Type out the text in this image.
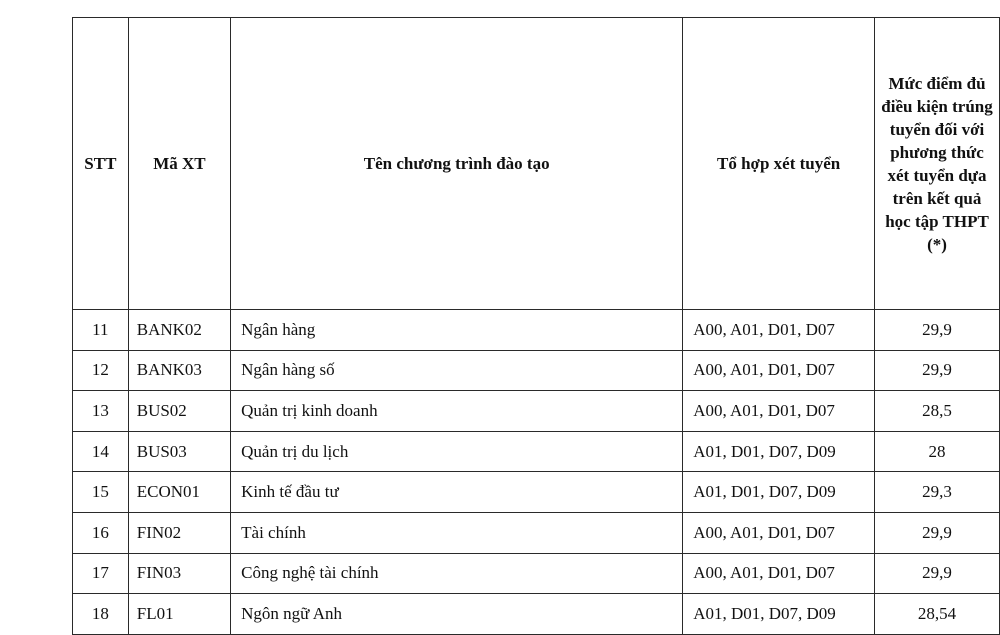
STT	Mã XT	Tên chương trình đào tạo	Tổ hợp xét tuyển	Mức điểm đủ điều kiện trúng tuyển đối với phương thức xét tuyển dựa trên kết quả học tập THPT (*)
11	BANK02	Ngân hàng	A00, A01, D01, D07	29,9
12	BANK03	Ngân hàng số	A00, A01, D01, D07	29,9
13	BUS02	Quản trị kinh doanh	A00, A01, D01, D07	28,5
14	BUS03	Quản trị du lịch	A01, D01, D07, D09	28
15	ECON01	Kinh tế đầu tư	A01, D01, D07, D09	29,3
16	FIN02	Tài chính	A00, A01, D01, D07	29,9
17	FIN03	Công nghệ tài chính	A00, A01, D01, D07	29,9
18	FL01	Ngôn ngữ Anh	A01, D01, D07, D09	28,54
